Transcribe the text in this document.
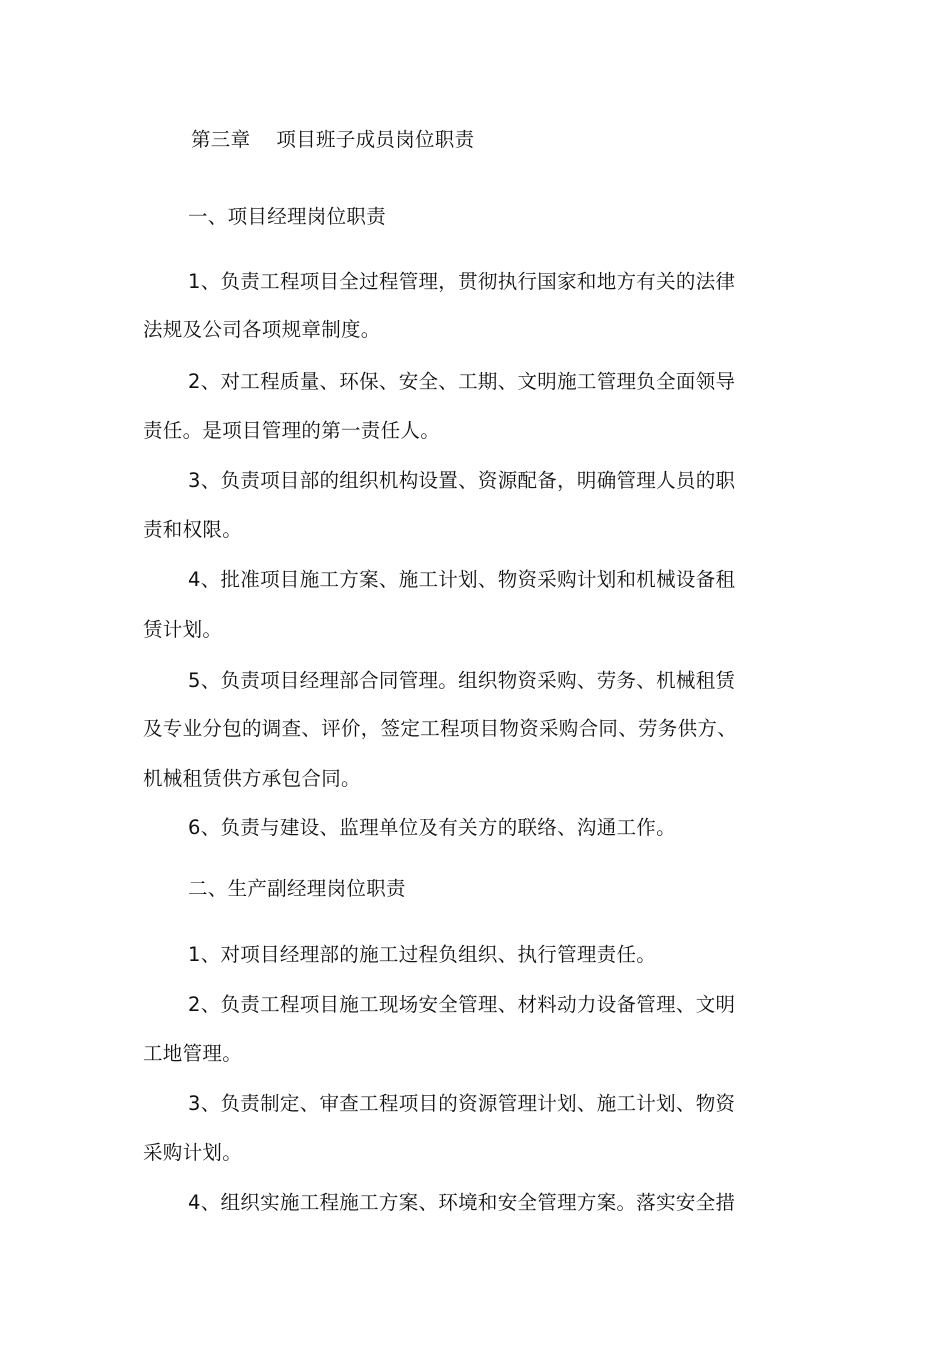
第三章 项目班子成员岗位职责
一、项目经理岗位职责
1、负责工程项目全过程管理，贯彻执行国家和地方有关的法律
法规及公司各项规章制度。
2、对工程质量、环保、安全、工期、文明施工管理负全面领导
责任。是项目管理的第一责任人。
3、负责项目部的组织机构设置、资源配备，明确管理人员的职
责和权限。
4、批准项目施工方案、施工计划、物资采购计划和机械设备租
赁计划。
5、负责项目经理部合同管理。组织物资采购、劳务、机械租赁
及专业分包的调查、评价，签定工程项目物资采购合同、劳务供方、
机械租赁供方承包合同。
6、负责与建设、监理单位及有关方的联络、沟通工作。
二、生产副经理岗位职责
1、对项目经理部的施工过程负组织、执行管理责任。
2、负责工程项目施工现场安全管理、材料动力设备管理、文明
工地管理。
3、负责制定、审查工程项目的资源管理计划、施工计划、物资
采购计划。
4、组织实施工程施工方案、环境和安全管理方案。落实安全措
